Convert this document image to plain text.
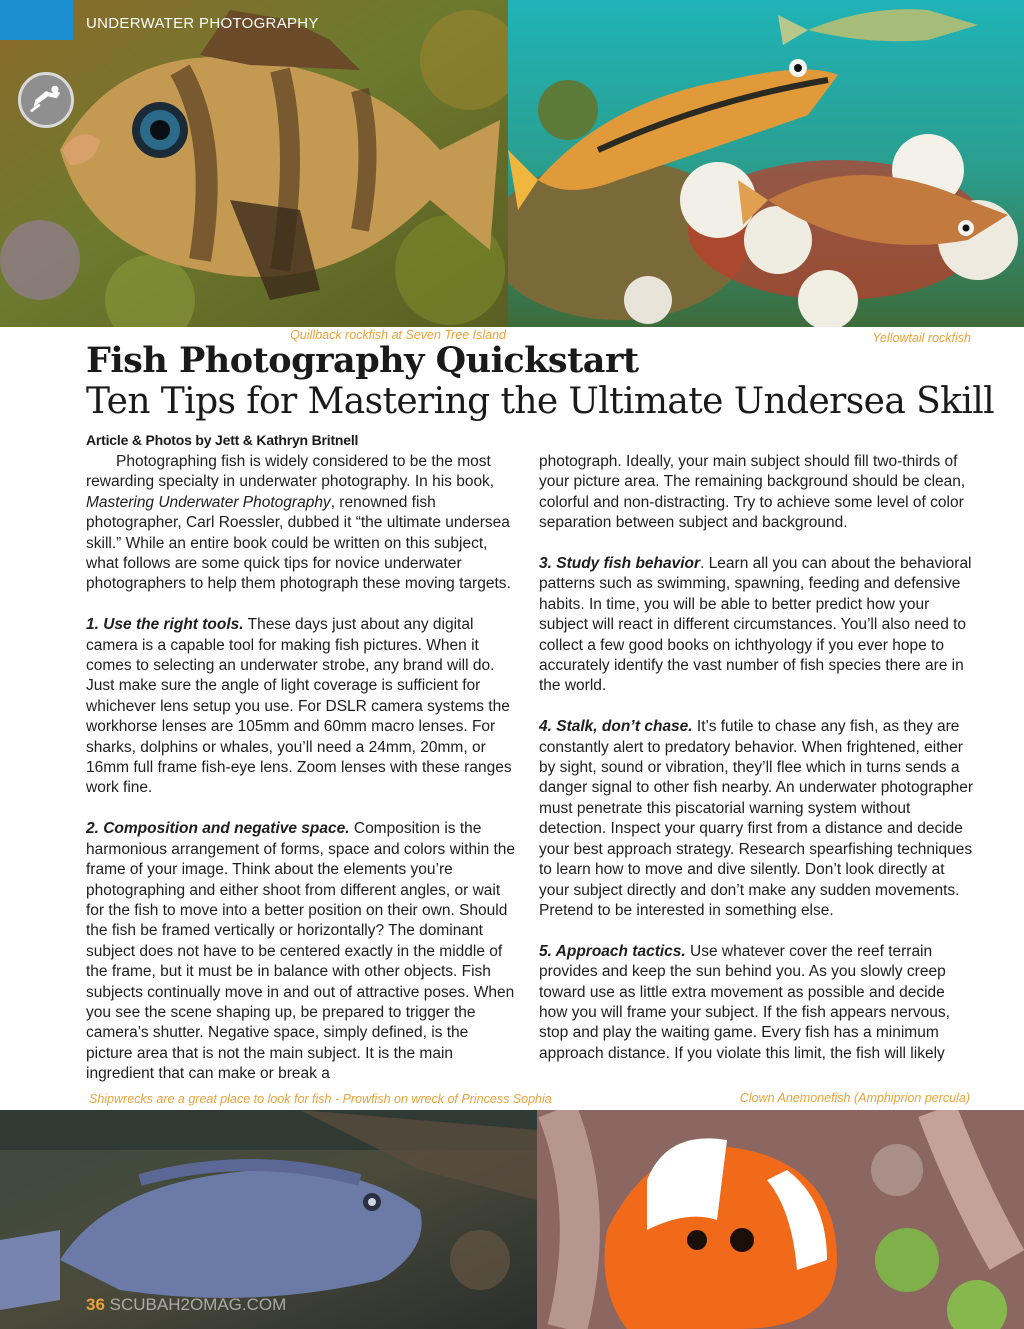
UNDERWATER PHOTOGRAPHY
Quillback rockfish at Seven Tree Island	Yellowtail rockfish
Shipwrecks are a great place to look for fish - Prowfish on wreck of Princess Sophia	Clown Anemonefish (Amphiprion percula)
Fish Photography Quickstart
Ten Tips for Mastering the Ultimate Undersea Skill
Article & Photos by Jett & Kathryn Britnell

Photographing fish is widely considered to be the most rewarding specialty in underwater photography. In his book, Mastering Underwater Photography, renowned fish photographer, Carl Roessler, dubbed it “the ultimate undersea skill.” While an entire book could be written on this subject, what follows are some quick tips for novice underwater photographers to help them photograph these moving targets.

1. Use the right tools. These days just about any digital camera is a capable tool for making fish pictures. When it comes to selecting an underwater strobe, any brand will do. Just make sure the angle of light coverage is sufficient for whichever lens setup you use. For DSLR camera systems the workhorse lenses are 105mm and 60mm macro lenses. For sharks, dolphins or whales, you’ll need a 24mm, 20mm, or 16mm full frame fish-eye lens. Zoom lenses with these ranges work fine.

2. Composition and negative space. Composition is the harmonious arrangement of forms, space and colors within the frame of your image. Think about the elements you’re photographing and either shoot from different angles, or wait for the fish to move into a better position on their own. Should the fish be framed vertically or horizontally? The dominant subject does not have to be centered exactly in the middle of the frame, but it must be in balance with other objects. Fish subjects continually move in and out of attractive poses. When you see the scene shaping up, be prepared to trigger the camera’s shutter. Negative space, simply defined, is the picture area that is not the main subject. It is the main ingredient that can make or break a

photograph. Ideally, your main subject should fill two-thirds of your picture area. The remaining background should be clean, colorful and non-distracting. Try to achieve some level of color separation between subject and background.

3. Study fish behavior. Learn all you can about the behavioral patterns such as swimming, spawning, feeding and defensive habits. In time, you will be able to better predict how your subject will react in different circumstances. You’ll also need to collect a few good books on ichthyology if you ever hope to accurately identify the vast number of fish species there are in the world.

4. Stalk, don’t chase. It’s futile to chase any fish, as they are constantly alert to predatory behavior. When frightened, either by sight, sound or vibration, they’ll flee which in turns sends a danger signal to other fish nearby. An underwater photographer must penetrate this piscatorial warning system without detection. Inspect your quarry first from a distance and decide your best approach strategy. Research spearfishing techniques to learn how to move and dive silently. Don’t look directly at your subject directly and don’t make any sudden movements. Pretend to be interested in something else.

5. Approach tactics. Use whatever cover the reef terrain provides and keep the sun behind you. As you slowly creep toward use as little extra movement as possible and decide how you will frame your subject. If the fish appears nervous, stop and play the waiting game. Every fish has a minimum approach distance. If you violate this limit, the fish will likely

36 SCUBAH2OMAG.COM
